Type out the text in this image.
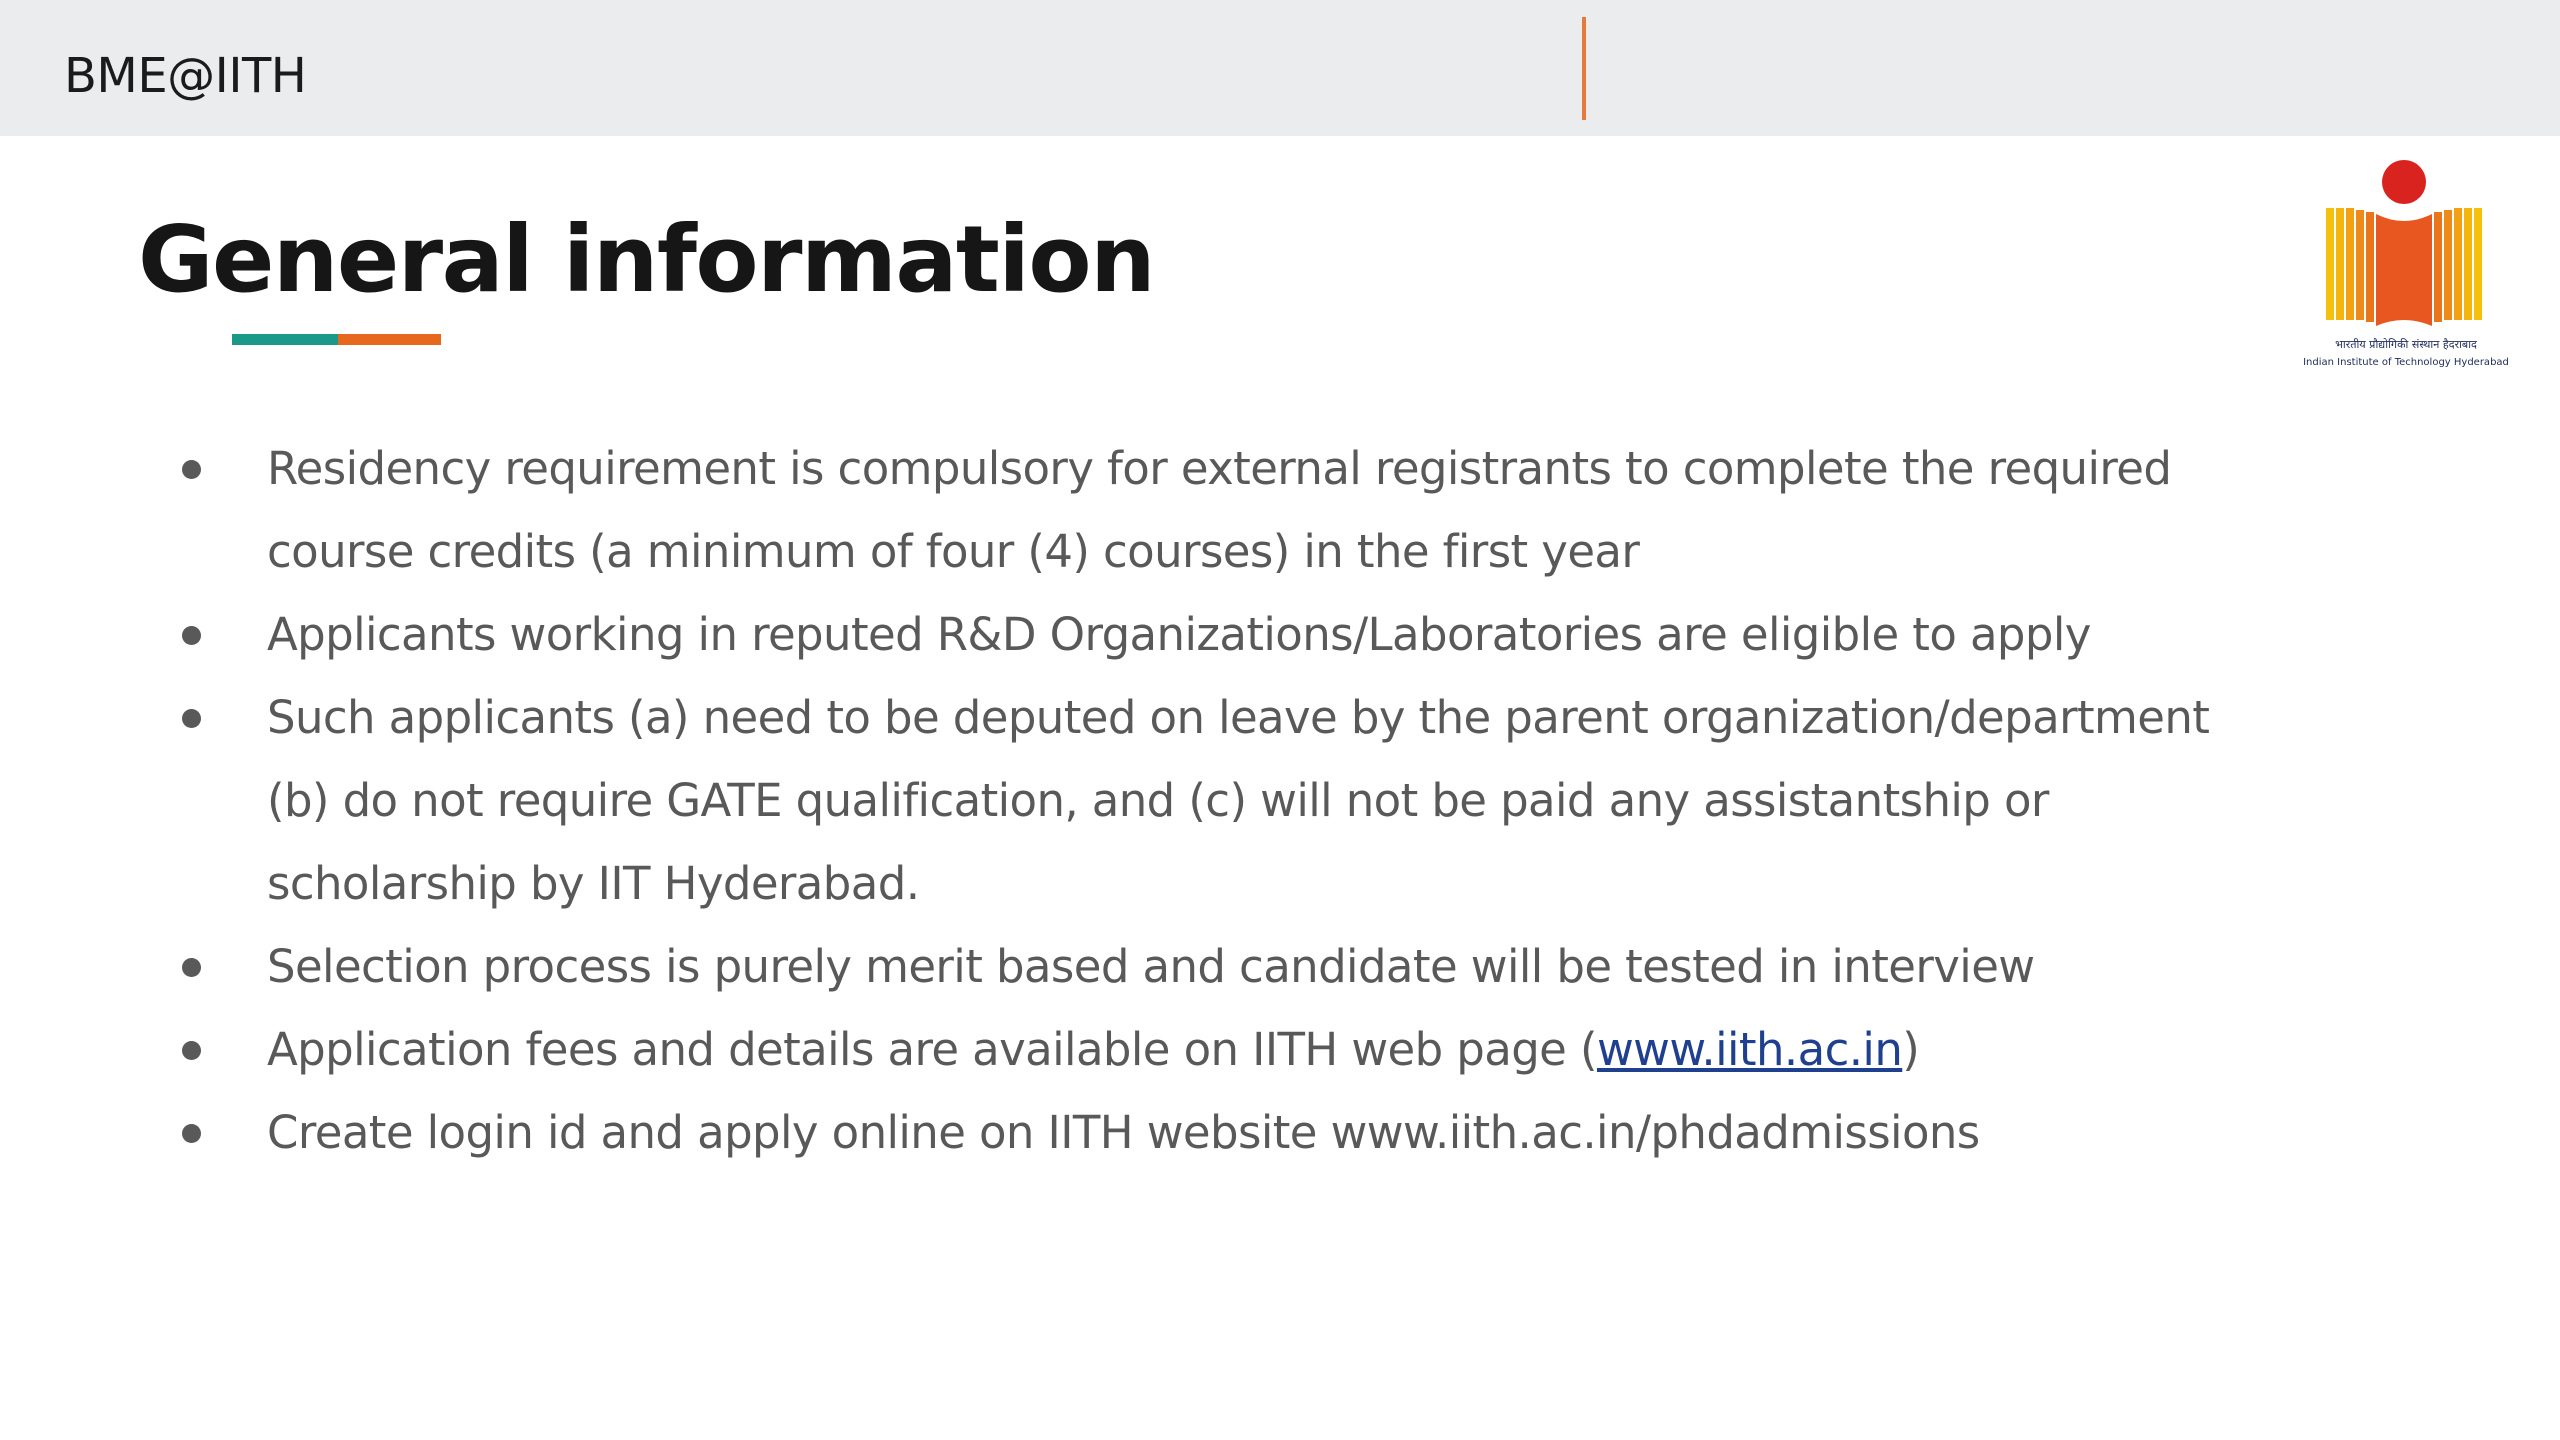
BME@IITH
General information
भारतीय प्रौद्योगिकी संस्थान हैदराबाद
Indian Institute of Technology Hyderabad
Residency requirement is compulsory for external registrants to complete the required course credits (a minimum of four (4) courses) in the first year
Applicants working in reputed R&D Organizations/Laboratories are eligible to apply
Such applicants (a) need to be deputed on leave by the parent organization/department (b) do not require GATE qualification, and (c) will not be paid any assistantship or scholarship by IIT Hyderabad.
Selection process is purely merit based and candidate will be tested in interview
Application fees and details are available on IITH web page (www.iith.ac.in)
Create login id and apply online on IITH website www.iith.ac.in/phdadmissions
